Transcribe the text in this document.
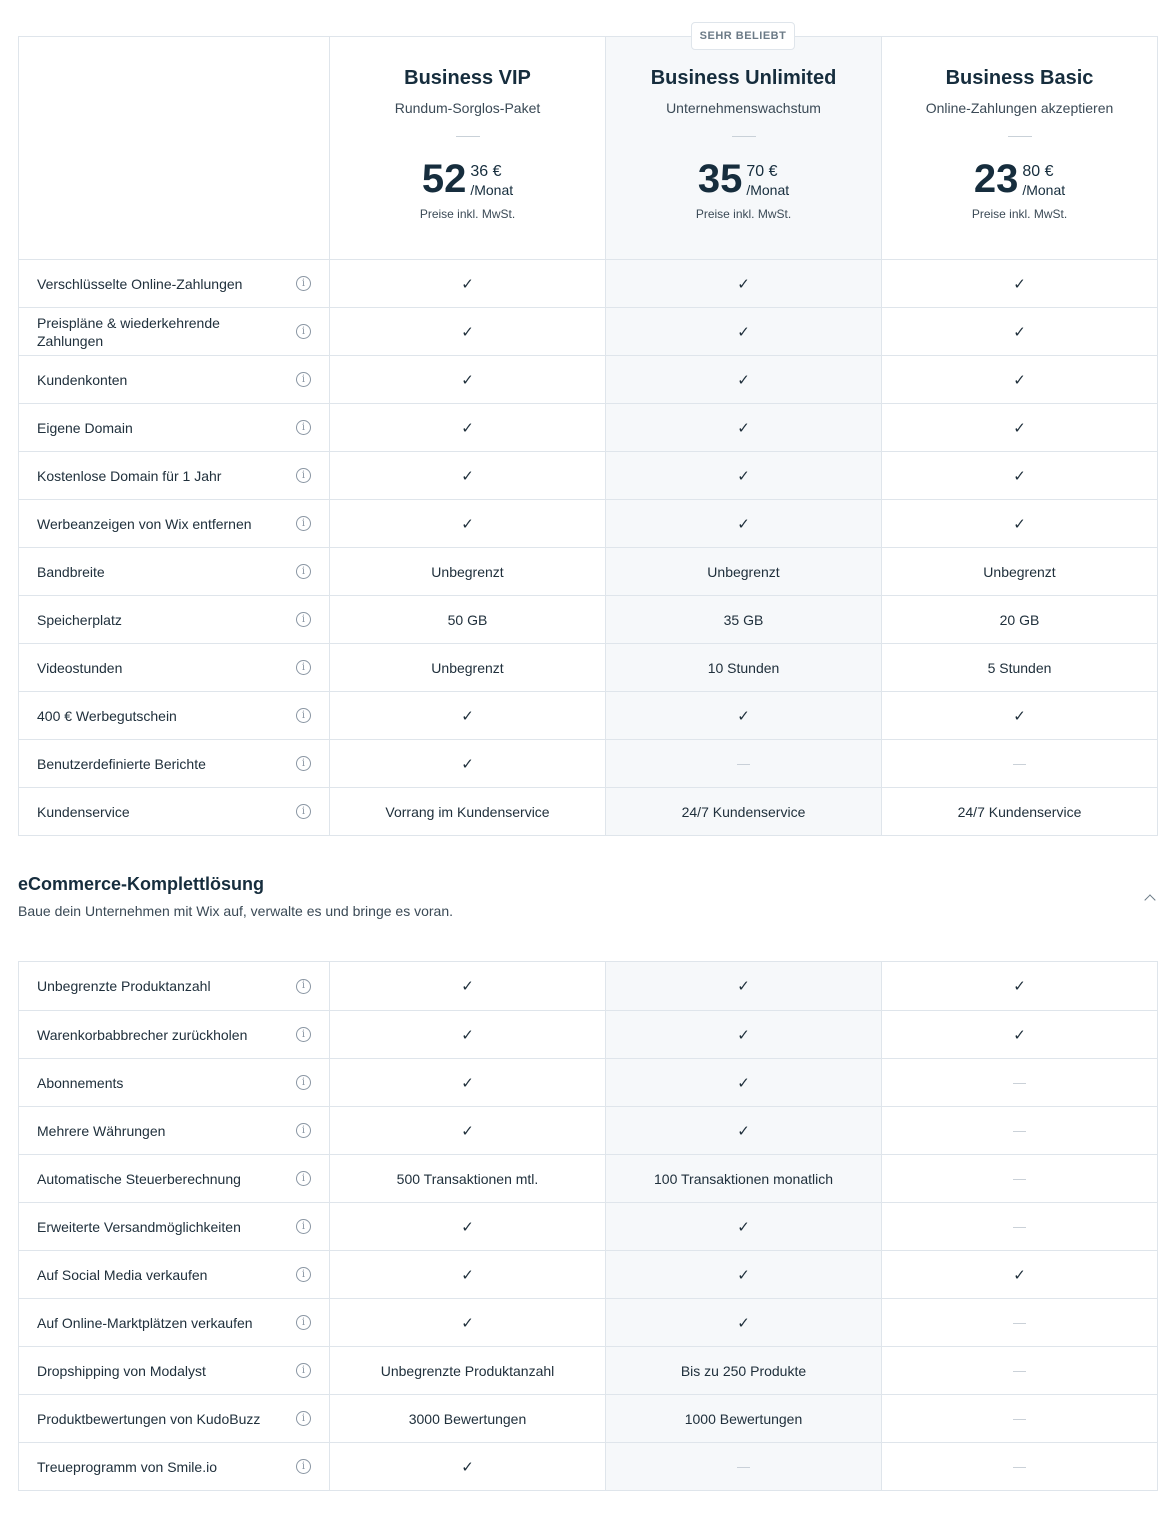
SEHR BELIEBT
Business VIP
Rundum-Sorglos-Paket
52 36 €
/Monat
Preise inkl. MwSt.
Business Unlimited
Unternehmenswachstum
35 70 €
/Monat
Preise inkl. MwSt.
Business Basic
Online-Zahlungen akzeptieren
23 80 €
/Monat
Preise inkl. MwSt.
Verschlüsselte Online-Zahlungen	i	✓	✓	✓
Preispläne & wiederkehrende Zahlungen
i	✓	✓	✓
Kundenkonten	i	✓	✓	✓
Eigene Domain	i	✓	✓	✓
Kostenlose Domain für 1 Jahr	i	✓	✓	✓
Werbeanzeigen von Wix entfernen	i	✓	✓	✓
Bandbreite	i	Unbegrenzt	Unbegrenzt	Unbegrenzt
Speicherplatz	i	50 GB	35 GB	20 GB
Videostunden	i	Unbegrenzt	10 Stunden	5 Stunden
400 € Werbegutschein	i	✓	✓	✓
Benutzerdefinierte Berichte	i	✓	—	—
Kundenservice	i	Vorrang im Kundenservice	24/7 Kundenservice	24/7 Kundenservice
eCommerce-Komplettlösung
Baue dein Unternehmen mit Wix auf, verwalte es und bringe es voran.
Unbegrenzte Produktanzahl	i	✓	✓	✓
Warenkorbabbrecher zurückholen	i	✓	✓	✓
Abonnements	i	✓	✓	—
Mehrere Währungen	i	✓	✓	—
Automatische Steuerberechnung	i	500 Transaktionen mtl.	100 Transaktionen monatlich	—
Erweiterte Versandmöglichkeiten	i	✓	✓	—
Auf Social Media verkaufen	i	✓	✓	✓
Auf Online-Marktplätzen verkaufen	i	✓	✓	—
Dropshipping von Modalyst	i	Unbegrenzte Produktanzahl	Bis zu 250 Produkte	—
Produktbewertungen von KudoBuzz	i	3000 Bewertungen	1000 Bewertungen	—
Treueprogramm von Smile.io	i	✓	—	—
